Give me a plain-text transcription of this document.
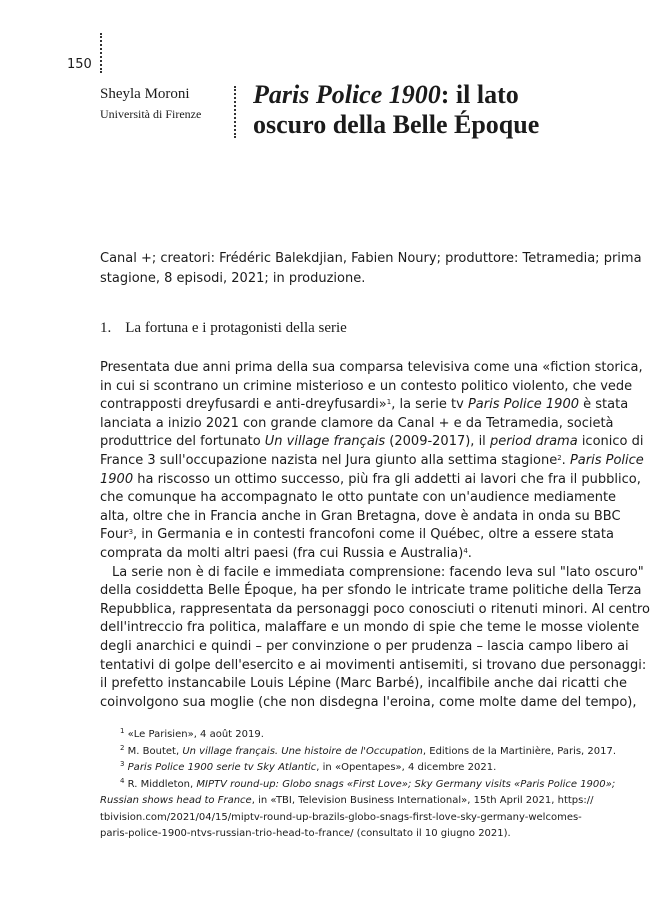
150
Sheyla Moroni
Università di Firenze
Paris Police 1900: il lato
oscuro della Belle Époque
Canal +; creatori: Frédéric Balekdjian, Fabien Noury; produttore: Tetramedia; prima
stagione, 8 episodi, 2021; in produzione.
1. La fortuna e i protagonisti della serie
Presentata due anni prima della sua comparsa televisiva come una «fiction storica,
in cui si scontrano un crimine misterioso e un contesto politico violento, che vede
contrapposti dreyfusardi e anti-dreyfusardi»$^1$, la serie tv Paris Police 1900 è stata
lanciata a inizio 2021 con grande clamore da Canal + e da Tetramedia, società
produttrice del fortunato Un village français (2009-2017), il period drama iconico di
France 3 sull'occupazione nazista nel Jura giunto alla settima stagione$^2$. Paris Police
1900 ha riscosso un ottimo successo, più fra gli addetti ai lavori che fra il pubblico,
che comunque ha accompagnato le otto puntate con un'audience mediamente
alta, oltre che in Francia anche in Gran Bretagna, dove è andata in onda su BBC
Four$^3$, in Germania e in contesti francofoni come il Québec, oltre a essere stata
comprata da molti altri paesi (fra cui Russia e Australia)$^4$.
La serie non è di facile e immediata comprensione: facendo leva sul "lato oscuro"
della cosiddetta Belle Époque, ha per sfondo le intricate trame politiche della Terza
Repubblica, rappresentata da personaggi poco conosciuti o ritenuti minori. Al centro
dell'intreccio fra politica, malaffare e un mondo di spie che teme le mosse violente
degli anarchici e quindi – per convinzione o per prudenza – lascia campo libero ai
tentativi di golpe dell'esercito e ai movimenti antisemiti, si trovano due personaggi:
il prefetto instancabile Louis Lépine (Marc Barbé), incalfibile anche dai ricatti che
coinvolgono sua moglie (che non disdegna l'eroina, come molte dame del tempo),
$^1$ «Le Parisien», 4 août 2019.
$^2$ M. Boutet, Un village français. Une histoire de l'Occupation, Editions de la Martinière, Paris, 2017.
$^3$ Paris Police 1900 serie tv Sky Atlantic, in «Opentapes», 4 dicembre 2021.
$^4$ R. Middleton, MIPTV round-up: Globo snags «First Love»; Sky Germany visits «Paris Police 1900»;
Russian shows head to France, in «TBI, Television Business International», 15th April 2021, https://
tbivision.com/2021/04/15/miptv-round-up-brazils-globo-snags-first-love-sky-germany-welcomes-
paris-police-1900-ntvs-russian-trio-head-to-france/ (consultato il 10 giugno 2021).
